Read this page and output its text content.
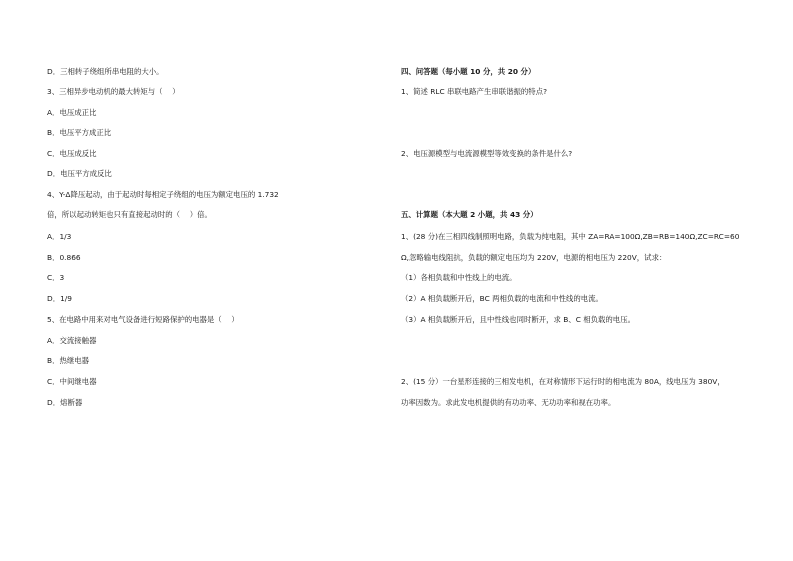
D．三相转子绕组所串电阻的大小。
3、三相异步电动机的最大转矩与（　 ）
A．电压成正比
B．电压平方成正比
C．电压成反比
D．电压平方成反比
4、Y-Δ降压起动，由于起动时每相定子绕组的电压为额定电压的 1.732
倍，所以起动转矩也只有直接起动时的（　 ）倍。
A．1/3
B．0.866
C．3
D．1/9
5、在电路中用来对电气设备进行短路保护的电器是（　 ）
A．交流接触器
B．热继电器
C．中间继电器
D．熔断器
四、问答题（每小题 10 分，共 20 分）
1、简述 RLC 串联电路产生串联谐振的特点?
2、电压源模型与电流源模型等效变换的条件是什么?
五、计算题（本大题 2 小题，共 43 分）
1、(28 分)在三相四线制照明电路，负载为纯电阻，其中 ZA=RA=100Ω,ZB=RB=140Ω,ZC=RC=60
Ω,忽略输电线阻抗，负载的额定电压均为 220V，电源的相电压为 220V，试求：
（1）各相负载和中性线上的电流。
（2）A 相负载断开后，BC 两相负载的电流和中性线的电流。
（3）A 相负载断开后，且中性线也同时断开，求 B、C 相负载的电压。
2、(15 分）一台星形连接的三相发电机，在对称情形下运行时的相电流为 80A，线电压为 380V，
功率因数为。求此发电机提供的有功功率、无功功率和视在功率。
